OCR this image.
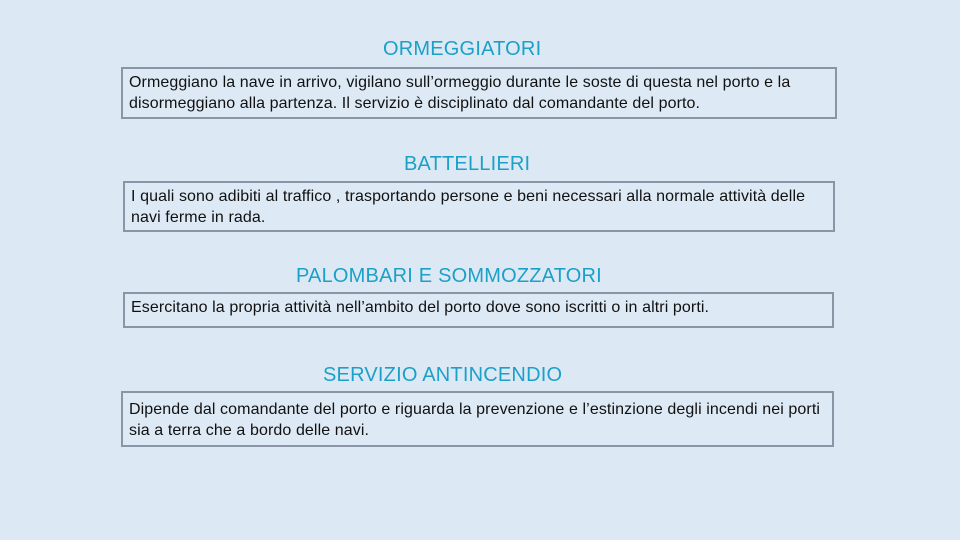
ORMEGGIATORI
Ormeggiano la nave in arrivo, vigilano sull’ormeggio durante le soste di questa nel porto e la disormeggiano alla partenza. Il servizio è disciplinato dal comandante del porto.
BATTELLIERI
I quali sono adibiti al traffico , trasportando persone e beni necessari alla normale attività delle navi ferme in rada.
PALOMBARI E SOMMOZZATORI
Esercitano la propria attività nell’ambito del porto dove sono iscritti o in altri porti.
SERVIZIO ANTINCENDIO
Dipende dal comandante del porto e riguarda la prevenzione e l’estinzione degli incendi nei porti sia a terra che a bordo delle navi.
